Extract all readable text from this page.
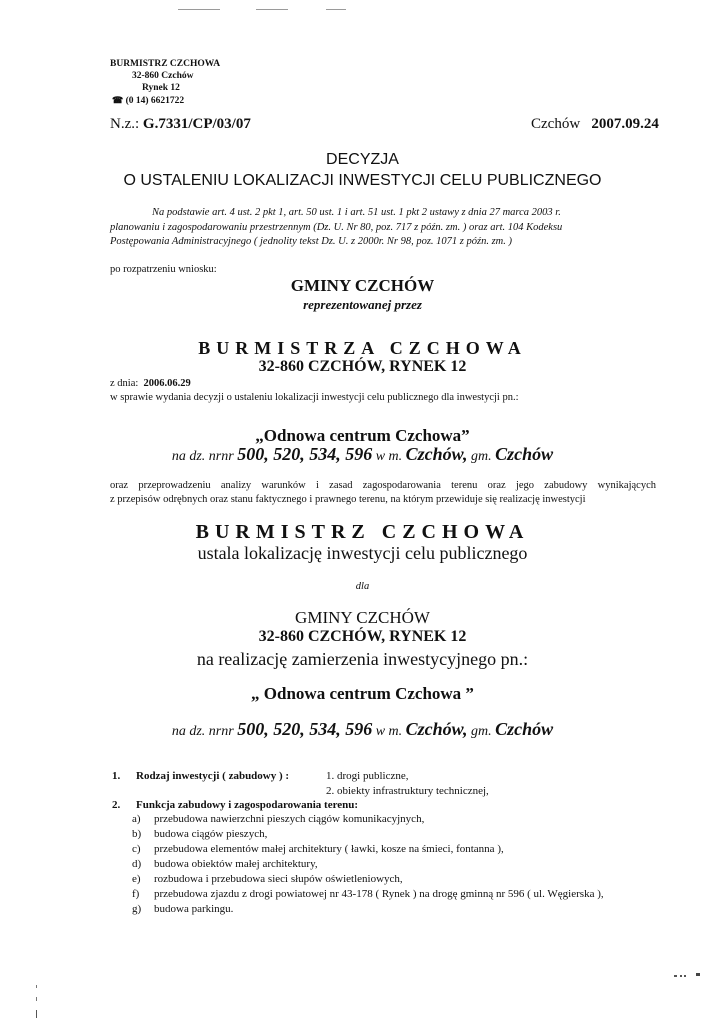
BURMISTRZ CZCHOWA
32-860 Czchów
Rynek 12
☎ (0 14) 6621722
N.z.: G.7331/CP/03/07	Czchów 2007.09.24
DECYZJA
O USTALENIU LOKALIZACJI INWESTYCJI CELU PUBLICZNEGO
Na podstawie art. 4 ust. 2 pkt 1, art. 50 ust. 1 i art. 51 ust. 1 pkt 2 ustawy z dnia 27 marca 2003 r.
planowaniu i zagospodarowaniu przestrzennym (Dz. U. Nr 80, poz. 717 z późn. zm. ) oraz art. 104 Kodeksu
Postępowania Administracyjnego ( jednolity tekst Dz. U. z 2000r. Nr 98, poz. 1071 z późn. zm. )
po rozpatrzeniu wniosku:
GMINY CZCHÓW
reprezentowanej przez
BURMISTRZA CZCHOWA
32-860 CZCHÓW, RYNEK 12
z dnia: 2006.06.29
w sprawie wydania decyzji o ustaleniu lokalizacji inwestycji celu publicznego dla inwestycji pn.:
„Odnowa centrum Czchowa”
na dz. nrnr 500, 520, 534, 596 w m. Czchów, gm. Czchów
oraz przeprowadzeniu analizy warunków i zasad zagospodarowania terenu oraz jego zabudowy wynikających
z przepisów odrębnych oraz stanu faktycznego i prawnego terenu, na którym przewiduje się realizację inwestycji
BURMISTRZ CZCHOWA
ustala lokalizację inwestycji celu publicznego
dla
GMINY CZCHÓW
32-860 CZCHÓW, RYNEK 12
na realizację zamierzenia inwestycyjnego pn.:
„ Odnowa centrum Czchowa ”
na dz. nrnr 500, 520, 534, 596 w m. Czchów, gm. Czchów
1. Rodzaj inwestycji ( zabudowy ) :	1. drogi publiczne,
2. obiekty infrastruktury technicznej,
2. Funkcja zabudowy i zagospodarowania terenu:
a) przebudowa nawierzchni pieszych ciągów komunikacyjnych,
b) budowa ciągów pieszych,
c) przebudowa elementów małej architektury ( ławki, kosze na śmieci, fontanna ),
d) budowa obiektów małej architektury,
e) rozbudowa i przebudowa sieci słupów oświetleniowych,
f) przebudowa zjazdu z drogi powiatowej nr 43-178 ( Rynek ) na drogę gminną nr 596 ( ul. Węgierska ),
g) budowa parkingu.
